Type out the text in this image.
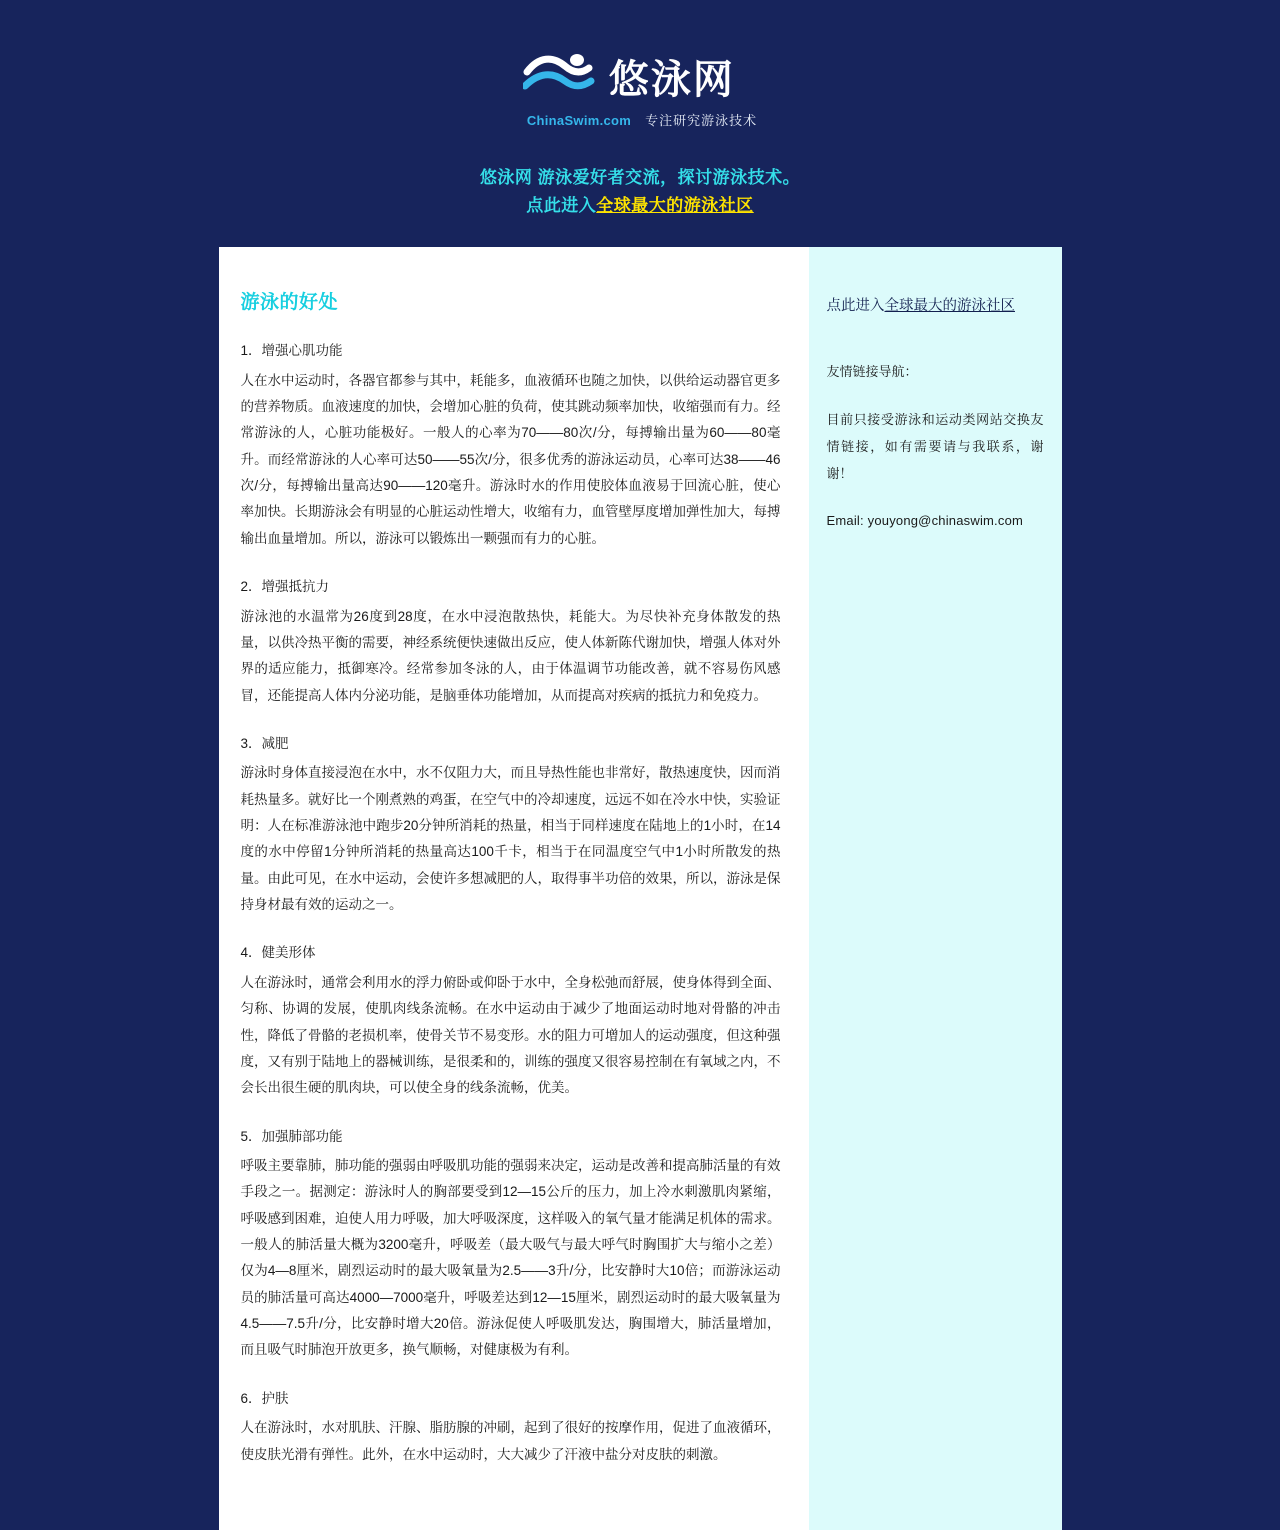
悠泳网
ChinaSwim.com 专注研究游泳技术
悠泳网 游泳爱好者交流，探讨游泳技术。
点此进入全球最大的游泳社区
游泳的好处
1．增强心肌功能

人在水中运动时，各器官都参与其中，耗能多，血液循环也随之加快，以供给运动器官更多的营养物质。血液速度的加快，会增加心脏的负荷，使其跳动频率加快，收缩强而有力。经常游泳的人，心脏功能极好。一般人的心率为70——80次/分，每搏输出量为60——80毫升。而经常游泳的人心率可达50——55次/分，很多优秀的游泳运动员，心率可达38——46次/分，每搏输出量高达90——120毫升。游泳时水的作用使胶体血液易于回流心脏，使心率加快。长期游泳会有明显的心脏运动性增大，收缩有力，血管壁厚度增加弹性加大，每搏输出血量增加。所以，游泳可以锻炼出一颗强而有力的心脏。

2．增强抵抗力

游泳池的水温常为26度到28度，在水中浸泡散热快，耗能大。为尽快补充身体散发的热量，以供冷热平衡的需要，神经系统便快速做出反应，使人体新陈代谢加快，增强人体对外界的适应能力，抵御寒冷。经常参加冬泳的人，由于体温调节功能改善，就不容易伤风感冒，还能提高人体内分泌功能，是脑垂体功能增加，从而提高对疾病的抵抗力和免疫力。

3．减肥

游泳时身体直接浸泡在水中，水不仅阻力大，而且导热性能也非常好，散热速度快，因而消耗热量多。就好比一个刚煮熟的鸡蛋，在空气中的冷却速度，远远不如在冷水中快，实验证明：人在标准游泳池中跑步20分钟所消耗的热量，相当于同样速度在陆地上的1小时，在14度的水中停留1分钟所消耗的热量高达100千卡，相当于在同温度空气中1小时所散发的热量。由此可见，在水中运动，会使许多想减肥的人，取得事半功倍的效果，所以，游泳是保持身材最有效的运动之一。

4．健美形体

人在游泳时，通常会利用水的浮力俯卧或仰卧于水中，全身松弛而舒展，使身体得到全面、匀称、协调的发展，使肌肉线条流畅。在水中运动由于减少了地面运动时地对骨骼的冲击性，降低了骨骼的老损机率，使骨关节不易变形。水的阻力可增加人的运动强度，但这种强度，又有别于陆地上的器械训练，是很柔和的，训练的强度又很容易控制在有氧域之内，不会长出很生硬的肌肉块，可以使全身的线条流畅，优美。

5．加强肺部功能

呼吸主要靠肺，肺功能的强弱由呼吸肌功能的强弱来决定，运动是改善和提高肺活量的有效手段之一。据测定：游泳时人的胸部要受到12—15公斤的压力，加上冷水刺激肌肉紧缩，呼吸感到困难，迫使人用力呼吸，加大呼吸深度，这样吸入的氧气量才能满足机体的需求。一般人的肺活量大概为3200毫升，呼吸差（最大吸气与最大呼气时胸围扩大与缩小之差）仅为4—8厘米，剧烈运动时的最大吸氧量为2.5——3升/分，比安静时大10倍；而游泳运动员的肺活量可高达4000—7000毫升，呼吸差达到12—15厘米，剧烈运动时的最大吸氧量为4.5——7.5升/分，比安静时增大20倍。游泳促使人呼吸肌发达，胸围增大，肺活量增加，而且吸气时肺泡开放更多，换气顺畅，对健康极为有利。

6．护肤

人在游泳时，水对肌肤、汗腺、脂肪腺的冲刷，起到了很好的按摩作用，促进了血液循环，使皮肤光滑有弹性。此外，在水中运动时，大大减少了汗液中盐分对皮肤的刺激。

点此进入全球最大的游泳社区
友情链接导航：
目前只接受游泳和运动类网站交换友情链接，如有需要请与我联系，谢谢！
Email: youyong@chinaswim.com
